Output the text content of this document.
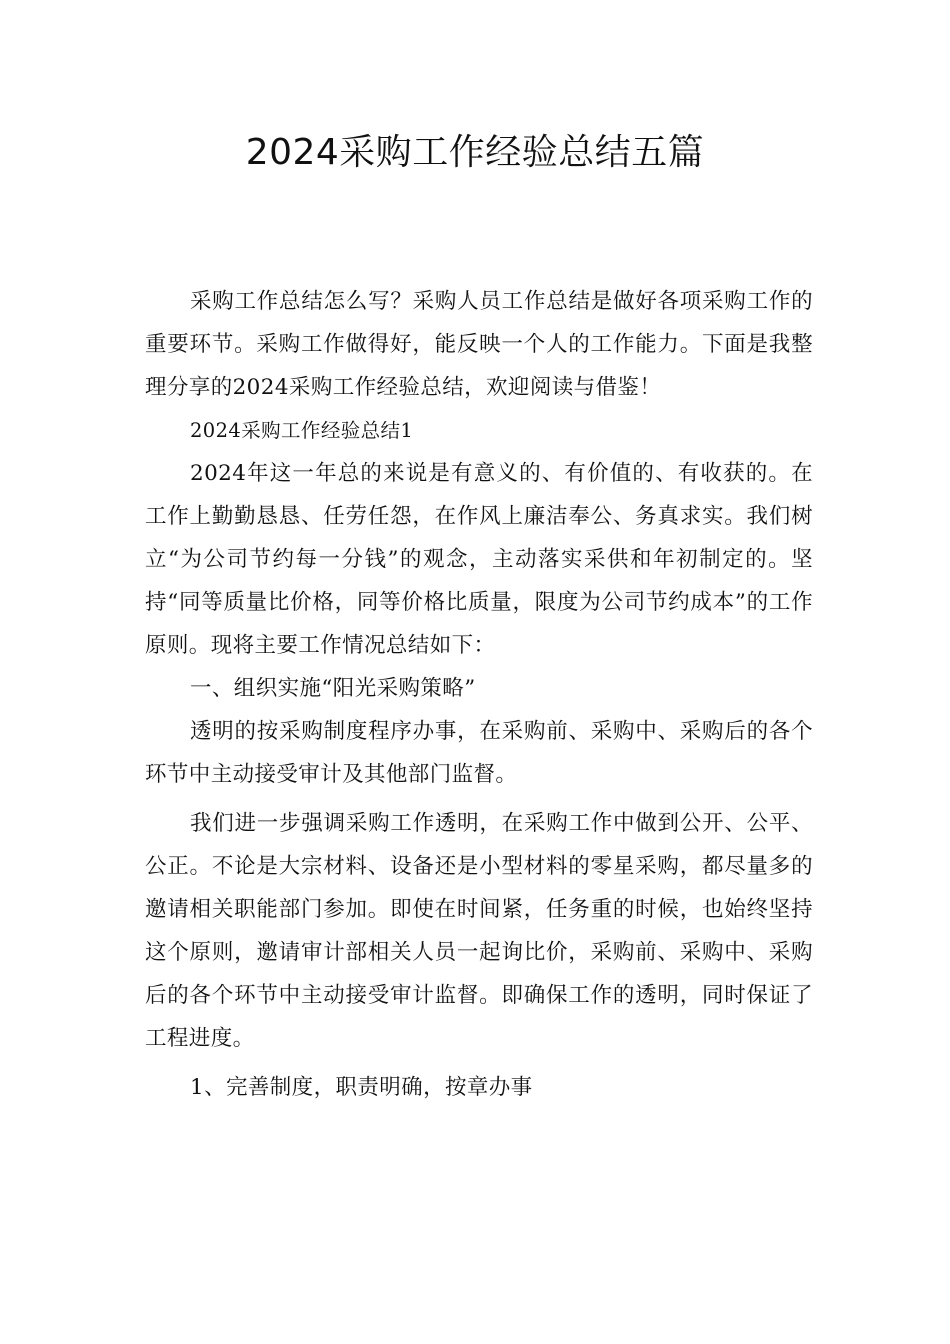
2024采购工作经验总结五篇

采购工作总结怎么写？采购人员工作总结是做好各项采购工作的重要环节。采购工作做得好，能反映一个人的工作能力。下面是我整理分享的2024采购工作经验总结，欢迎阅读与借鉴！

2024采购工作经验总结1

2024年这一年总的来说是有意义的、有价值的、有收获的。在工作上勤勤恳恳、任劳任怨，在作风上廉洁奉公、务真求实。我们树立“为公司节约每一分钱”的观念，主动落实采供和年初制定的。坚持“同等质量比价格，同等价格比质量，限度为公司节约成本”的工作原则。现将主要工作情况总结如下：

一、组织实施“阳光采购策略”

透明的按采购制度程序办事，在采购前、采购中、采购后的各个环节中主动接受审计及其他部门监督。

我们进一步强调采购工作透明，在采购工作中做到公开、公平、公正。不论是大宗材料、设备还是小型材料的零星采购，都尽量多的邀请相关职能部门参加。即使在时间紧，任务重的时候，也始终坚持这个原则，邀请审计部相关人员一起询比价，采购前、采购中、采购后的各个环节中主动接受审计监督。即确保工作的透明，同时保证了工程进度。

1、完善制度，职责明确，按章办事
